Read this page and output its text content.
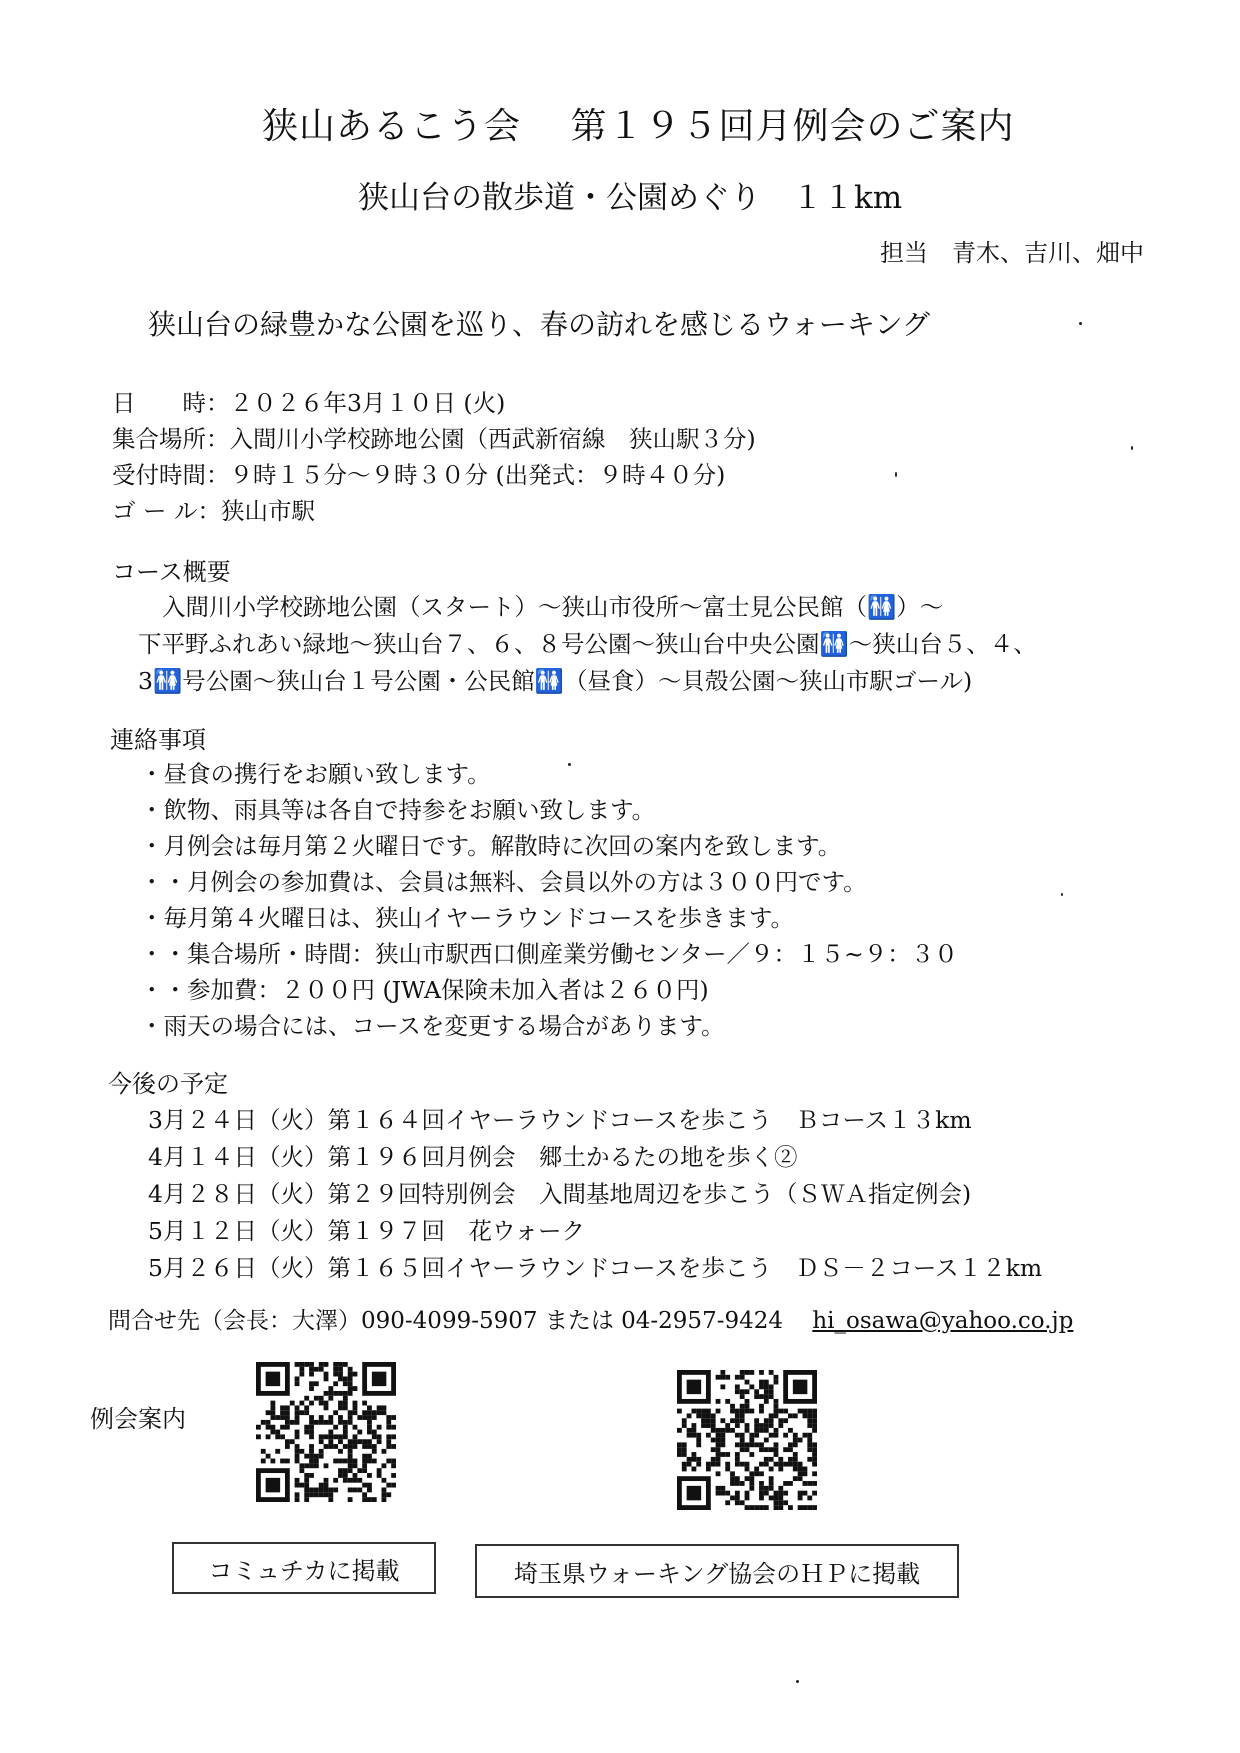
狭山あるこう会　 第１９５回月例会のご案内
狭山台の散歩道・公園めぐり　１１km
担当　青木、吉川、畑中
狭山台の緑豊かな公園を巡り、春の訪れを感じるウォーキング
日　　時：２０２６年3月１０日 (火)
集合場所：入間川小学校跡地公園（西武新宿線　狭山駅３分)
受付時間：９時１５分～９時３０分 (出発式：９時４０分)
ゴ ー ル：狭山市駅
コース概要
入間川小学校跡地公園（スタート）～狭山市役所～富士見公民館（🚻）～
下平野ふれあい緑地～狭山台７、６、８号公園～狭山台中央公園🚻～狭山台５、４、
3🚻号公園～狭山台１号公園・公民館🚻（昼食）～貝殻公園～狭山市駅ゴール)
連絡事項
・昼食の携行をお願い致します。
・飲物、雨具等は各自で持参をお願い致します。
・月例会は毎月第２火曜日です。解散時に次回の案内を致します。
・・月例会の参加費は、会員は無料、会員以外の方は３００円です。
・毎月第４火曜日は、狭山イヤーラウンドコースを歩きます。
・・集合場所・時間：狭山市駅西口側産業労働センター／９：１５~９：３０
・・参加費：２００円 (JWA保険未加入者は２６０円)
・雨天の場合には、コースを変更する場合があります。
今後の予定
3月２４日（火）第１６４回イヤーラウンドコースを歩こう　Ｂコース１３km
4月１４日（火）第１９６回月例会　郷土かるたの地を歩く②
4月２８日（火）第２９回特別例会　入間基地周辺を歩こう（ＳＷＡ指定例会)
5月１２日（火）第１９７回　花ウォーク
5月２６日（火）第１６５回イヤーラウンドコースを歩こう　ＤＳ－２コース１２km
問合せ先（会長：大澤）090-4099-5907 または 04-2957-9424 hi_osawa@yahoo.co.jp
例会案内
コミュチカに掲載	埼玉県ウォーキング協会のＨＰに掲載
